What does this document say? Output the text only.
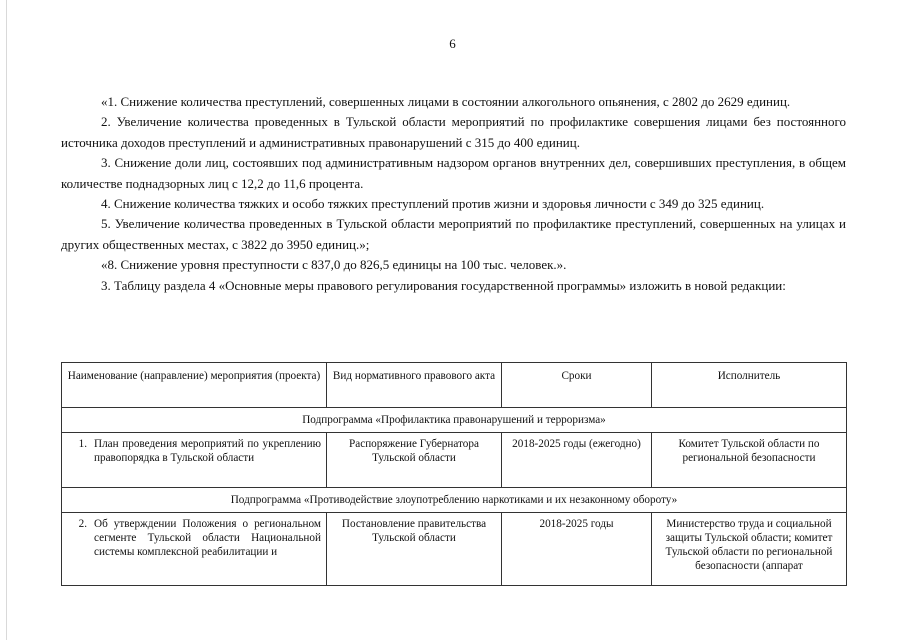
6

«1. Снижение количества преступлений, совершенных лицами в состоянии алкогольного опьянения, с 2802 до 2629 единиц.

2. Увеличение количества проведенных в Тульской области мероприятий по профилактике совершения лицами без постоянного источника доходов преступлений и административных правонарушений с 315 до 400 единиц.

3. Снижение доли лиц, состоявших под административным надзором органов внутренних дел, совершивших преступления, в общем количестве поднадзорных лиц с 12,2 до 11,6 процента.

4. Снижение количества тяжких и особо тяжких преступлений против жизни и здоровья личности с 349 до 325 единиц.

5. Увеличение количества проведенных в Тульской области мероприятий по профилактике преступлений, совершенных на улицах и других общественных местах, с 3822 до 3950 единиц.»;

«8. Снижение уровня преступности с 837,0 до 826,5 единицы на 100 тыс. человек.».

3. Таблицу раздела 4 «Основные меры правового регулирования государственной программы» изложить в новой редакции:

Наименование (направление) мероприятия (проекта)	Вид нормативного правового акта	Сроки	Исполнитель
Подпрограмма «Профилактика правонарушений и терроризма»			

1. План проведения мероприятий по укреплению правопорядка в Тульской области	Распоряжение Губернатора Тульской области	2018-2025 годы (ежегодно)	Комитет Тульской области по региональной безопасности
Подпрограмма «Противодействие злоупотреблению наркотиками и их незаконному обороту»			

2. Об утверждении Положения о региональном сегменте Тульской области Национальной системы комплексной реабилитации и	Постановление правительства Тульской области	2018-2025 годы	Министерство труда и социальной защиты Тульской области; комитет Тульской области по региональной безопасности (аппарат
